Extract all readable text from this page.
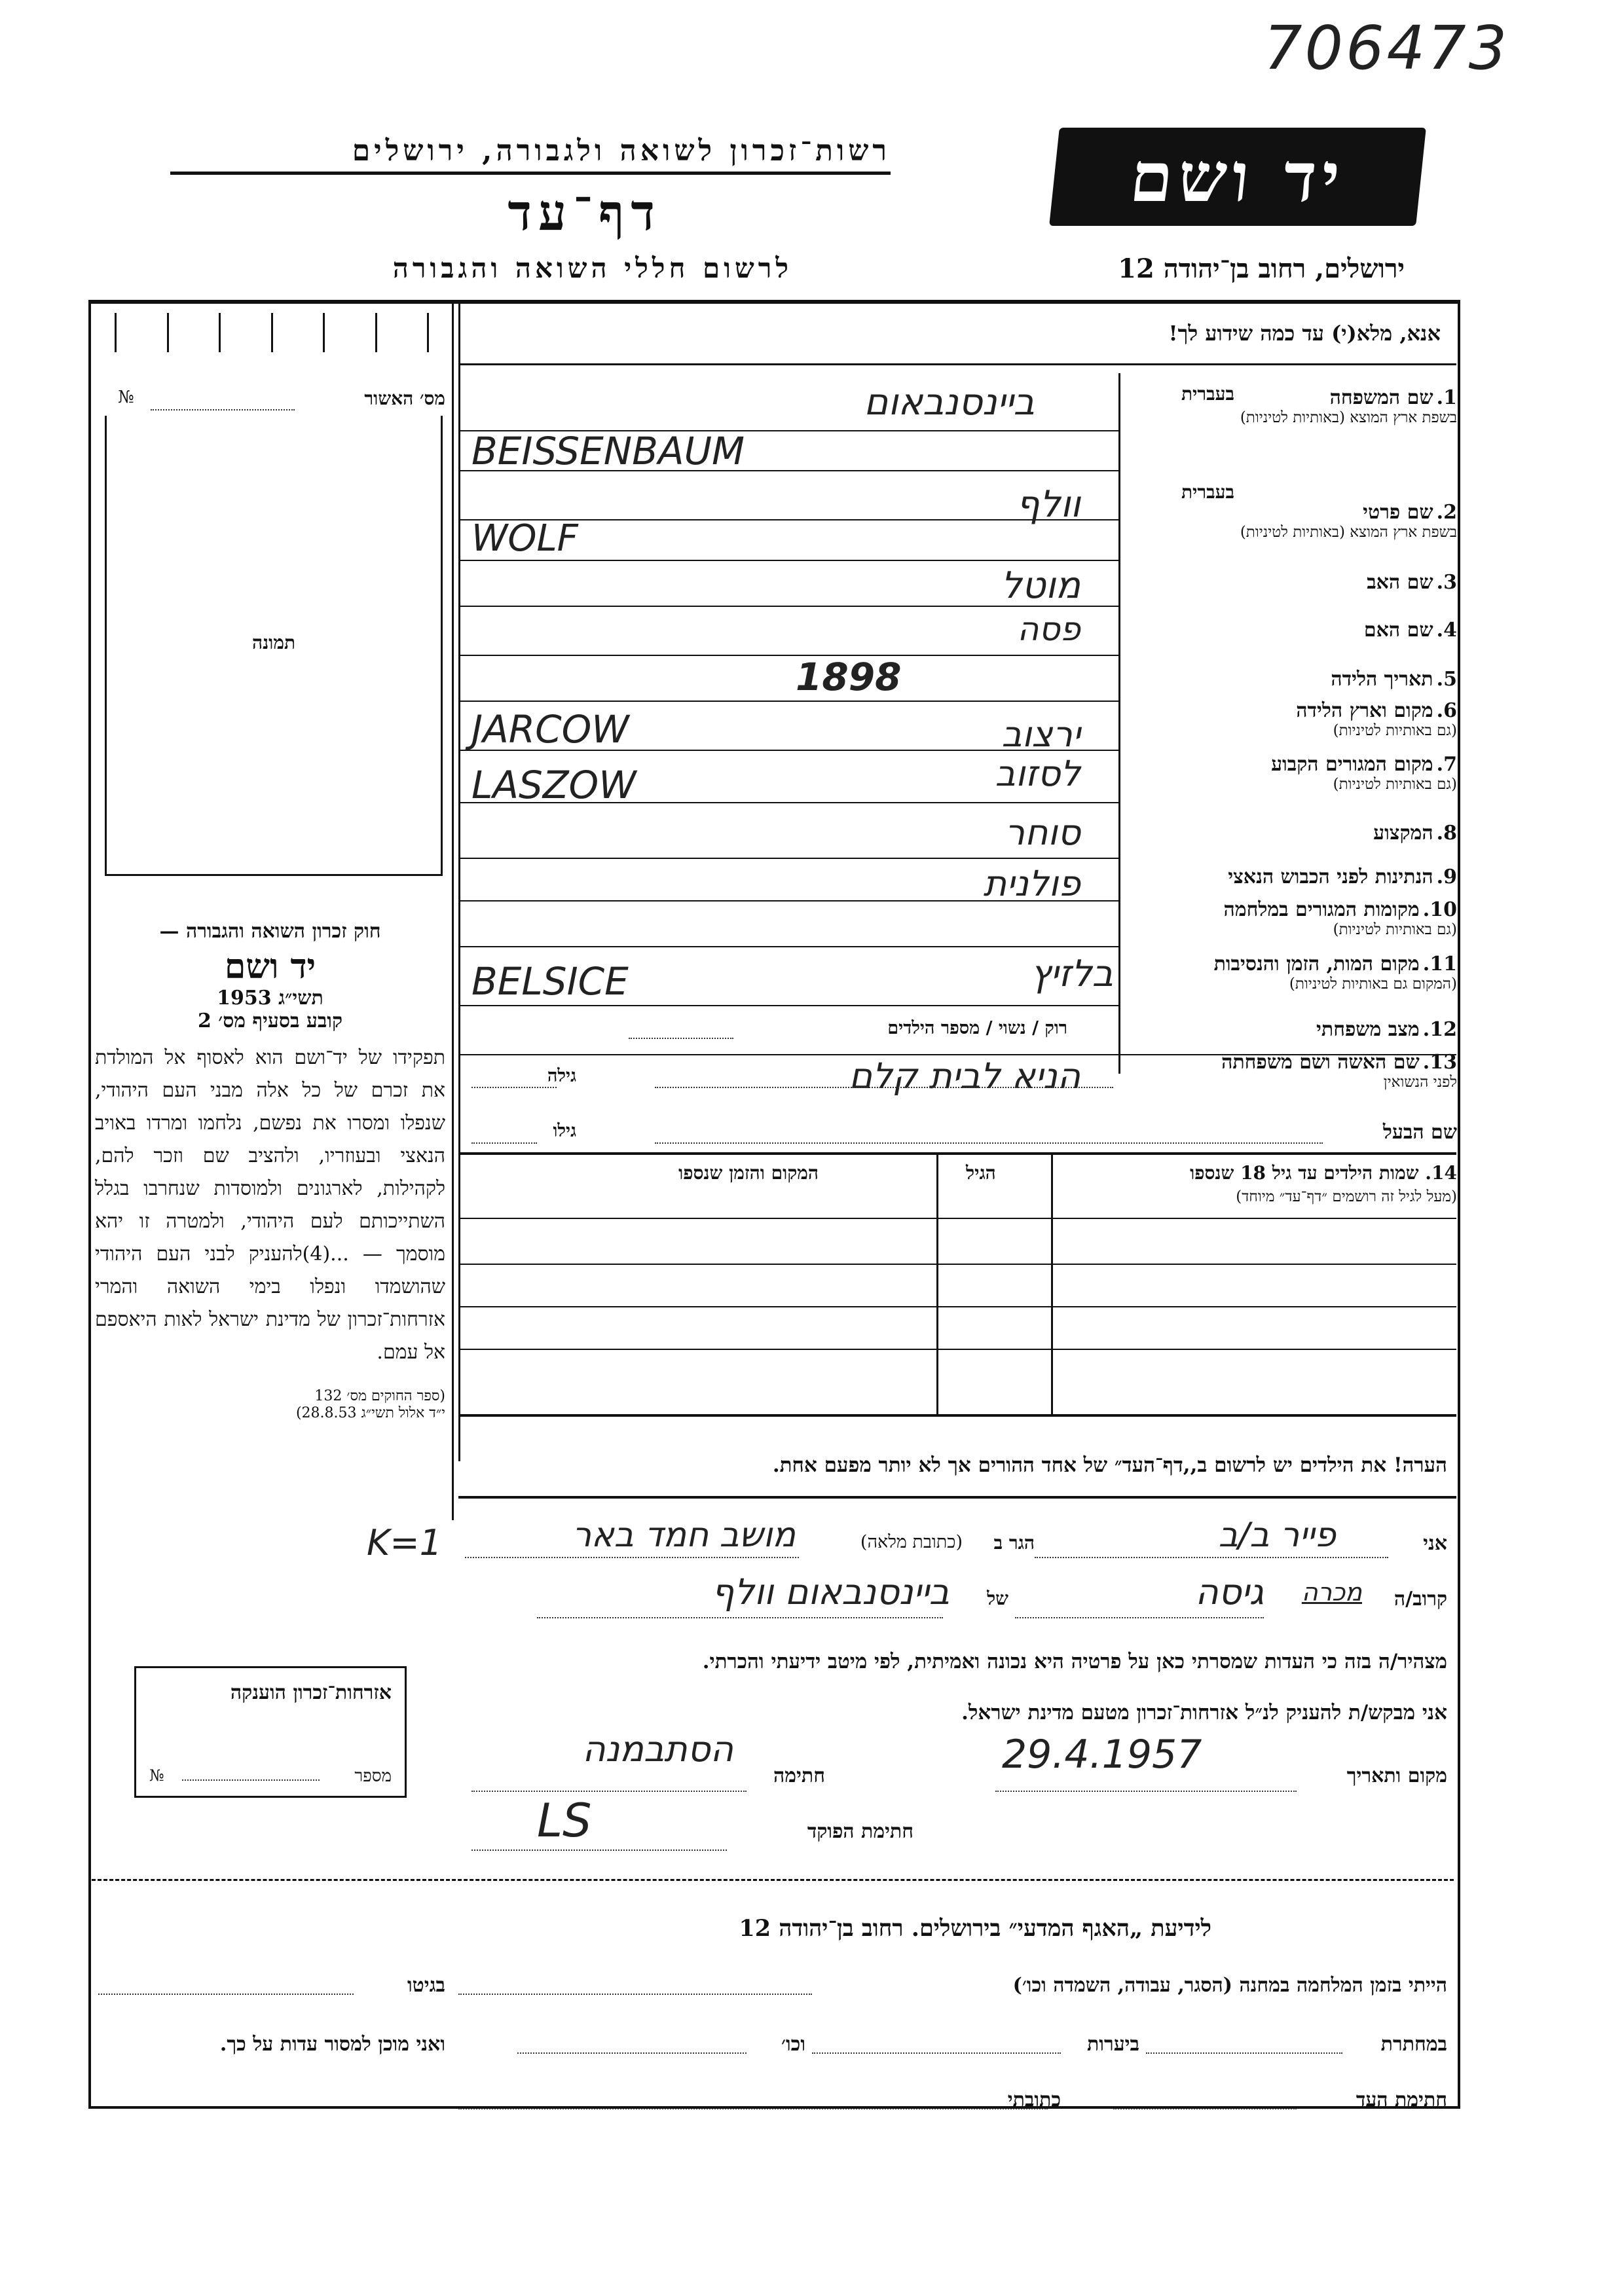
706473
רשות־זכרון לשואה ולגבורה, ירושלים
דף־עד
לרשום חללי השואה והגבורה
יד ושם
ירושלים, רחוב בן־יהודה 12
אנא, מלא(י) עד כמה שידוע לך!
מס׳ האשור
№
תמונה
חוק זכרון השואה והגבורה —
יד ושם
תשי״ג 1953
קובע בסעיף מס׳ 2
תפקידו של יד־ושם הוא לאסוף אל המולדת את זכרם של כל אלה מבני העם היהודי, שנפלו ומסרו את נפשם, נלחמו ומרדו באויב הנאצי ובעוזריו, ולהציב שם וזכר להם, לקהילות, לארגונים ולמוסדות שנחרבו בגלל השתייכותם לעם היהודי, ולמטרה זו יהא מוסמך — ...(4)להעניק לבני העם היהודי שהושמדו ונפלו בימי השואה והמרי אזרחות־זכרון של מדינת ישראל לאות היאספם אל עמם.
(ספר החוקים מס׳ 132
י״ד אלול תשי״ג 28.8.53)
1. שם המשפחה
בשפת ארץ המוצא (באותיות לטיניות)
בעברית
2. שם פרטי
בשפת ארץ המוצא (באותיות לטיניות)
בעברית
3. שם האב
4. שם האם
5. תאריך הלידה
6. מקום וארץ הלידה
(גם באותיות לטיניות)
7. מקום המגורים הקבוע
(גם באותיות לטיניות)
8. המקצוע
9. הנתינות לפני הכבוש הנאצי
10. מקומות המגורים במלחמה
(גם באותיות לטיניות)
11. מקום המות, הזמן והנסיבות
(המקום גם באותיות לטיניות)
12. מצב משפחתי
13. שם האשה ושם משפחתה
לפני הנשואין
שם הבעל
ביינסנבאום
BEISSENBAUM
וולף
WOLF
מוטל
פסה
1898
ירצוב
JARCOW
לסזוב
LASZOW
סוחר
פולנית
בלזיץ
BELSICE
רוק / נשוי / מספר הילדים
הניא לבית קלם
גילה
גילו
14. שמות הילדים עד גיל 18 שנספו
(מעל לגיל זה רושמים ״דף־עד״ מיוחד)
הגיל
המקום והזמן שנספו
הערה! את הילדים יש לרשום ב,,דף־העד״ של אחד ההורים אך לא יותר מפעם אחת.
K=1	אני
פייר ב/ב
הגר ב
(כתובת מלאה)
מושב חמד באר
קרוב/ה
מכרה
גיסה
של
ביינסנבאום וולף
מצהיר/ה בזה כי העדות שמסרתי כאן על פרטיה היא נכונה ואמיתית, לפי מיטב ידיעתי והכרתי.
אני מבקש/ת להעניק לנ״ל אזרחות־זכרון מטעם מדינת ישראל.
מקום ותאריך
29.4.1957
חתימה
הסתבמנה
חתימת הפוקד
LS
אזרחות־זכרון הוענקה
מספר
№
לידיעת „האגף המדעי״ בירושלים. רחוב בן־יהודה 12
הייתי בזמן המלחמה במחנה (הסגר, עבודה, השמדה וכו׳)
בגיטו
במחתרת
ביערות
וכו׳
ואני מוכן למסור עדות על כך.
חתימת העד
כתובתי
